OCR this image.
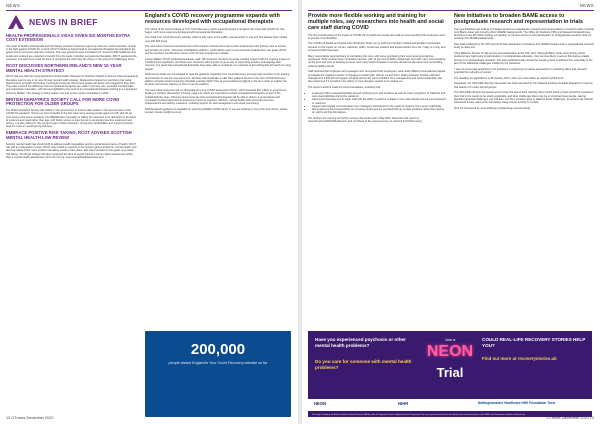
NEWS
NEWS IN BRIEF
HEALTH PROFESSIONALS VISAS GIVEN SIX MONTHS EXTRA COST EXTENSION

The visas of health professionals and their family members have been given an extra six-month extension to help in the fight against COVID-19. In April, RCOT's lobbying helped lead to occupational therapists be included in the government's auto-visa extension scheme. This new extension lasts until March 31. Around 6,000 healthcare and social care workers are expected to benefit from the news, including occupational therapists. RCOT welcomed the extension, but said more could be done to recognise the work they are doing on the ground in challenging times.

RCOT DISCUSSES NORTHERN IRELAND'S NEW 10-YEAR MENTAL HEALTH STRATEGY

RCOT has met with the newly-appointed mental health champion for Northern Ireland to discuss what occupational therapists want to see in its new 10-year mental health strategy. Discussions focused on prioritising the social determinants of health and finding meaningful outcomes that ensure people are active and engaged in their lives. They also covered the difference that occupational therapists can make in primary care, perinatal mental health and mainstream education, with the last highlighting the work of an occupational therapist working in a mainstream school in Belfast. The strategy is being written now and is due out for consultation in 2021.

BRITISH GERIATRICS SOCIETY CALL FOR MORE COVID PROTECTION FOR OLDER GROUPS

The British Geriatrics Society has called on the government to protect older people in the second wave of the COVID-19 pandemic. Ninety per cent of deaths in the first wave were among people aged over 65, with 40 per cent among care home residents. The #BGSProtect campaign is calling for resources to be allocated on the basis of evidence and need rather than age, with better access to care homes to personal protective equipment and testing. It is also calling for the prompt restart of falls prevention, community rehabilitation and support services. Find out more at: www.bgs.org.uk/frame

EMBRACE POSITIVE RISK TAKING, RCOT ADVISES SCOTTISH MENTAL HEALTH LAW REVIEW

Scottish mental health law should shift to address health inequalities and the social determinants of health. RCOT has told an independent review. RCOT was invited to respond to the human rights priorities for mental health, and also has advised that more positive risk-taking needs to take place, and has promoted its own guide on positive risk-taking. The Royal College has also supported the idea of people having a human rights assessment rather than a mental health assessment. Find out more at: www.mentalhealthlawreview.scot

England's COVID recovery programme expands with resources developed with occupational therapists

The rollout of the second phase of Your Covid Recovery, which supports people in England who have had COVID-19, has begun, with more resources developed with occupational therapists.

The initial Your Covid Recovery website, which is fully open to the public, was launched in July and has already been visited over 200,000 times.

The new online resources launched last month requires referral and a face-to-face assessment with primary care to access, and provide an online, interactive rehabilitation platform, which allows users to set and work towards their own goals. RCOT and its members contributed to some of the 10 new programme modules.

Lauren Walker, RCOT professional adviser, said: 'We know the numbers of people needing support with the ongoing impact of COVID-19 are significant, and these new resources offer a good, to-go-to way of supporting people's self-manage their recovery. It is great that occupational therapists have been able to contribute our expertise to something that will reach so many people.'

NHS service leads are encouraged to read the guidance regarding Your Covid Recovery and sign their services up for training and induction to use the new resources. Services that would like to offer their patients access to the Your COVID Recovery platform should contact University Hospitals Leicester NHS Trust at yourcovidrecovery@uhl-tr.nhs.uk in order to register the services and access training on how to use the platform.

The new online resources will run alongside the Long COVID assessment clinics, which received £10 million in government funding in October (November OTnews, page 13), which are expected to include occupational therapists as part of the multidisciplinary team. Planning documents say that occupational therapists will be able to deliver 'a personalised and occupation-focused approach to assessment such as cognition, delirium, mental health and functional outcomes, independence and activity measures, including support for self-management and social prescribing'.

NHS England's guidance is available at: www.bit.ly/NHSE-COVID-clinics. If you are working in one of the new clinics, please contact: stories.rcot@rcot.co.uk

200,000
people visited England's Your Covid Recovery website so far
12 OTnews December 2020
NEWS
Provide more flexible working and training for multiple roles, say researchers into health and social care staff during COVID

The first overall review of the impact of COVID-19 on health and social care staff is recommending that employers need to provide more flexibility.

The COVID-19 Health and Social Care Workforce Study run by staff from Northern Ireland and England universities, focused on the impact on nurses, midwives, AHPs, social care workers and social workers from the 7 May to 3 July, and surveyed 3,200 responses.

Many respondents reported fears of contracting the virus, with some purchasing their own personal protective equipment. Work routines have increased pressure, with 11 per cent of AHPs redeployed, and with many more weighing up the pros and cons of working at home. And many faced increases in service demand at the same time as handling reduced staffing levels.

Staff reported that employers and managers who recognised their employees' work under difficult circumstances helped to mitigate the negative impacts of changes to working life, with an 'us and them' feeling between frontline staff and management if that did not happen. Regular and timely communication from management and senior leadership was also welcomed if it provided more clarity on how changes needed to be carried out.

The report's authors made 10 recommendations, including that:

• employers offer increased flexibility around working hours and locations as well as more recognition of childcare and care responsibilities during the pandemic
• training and development to equip staff with the ability to perform multiple or new roles should now be commissioned or rolled out
• frequent and regular communication from managers and listened to the needs of workers, from senior individuals
• that employers hold responsibility for ensuring employees are provided with up-to-date guidance rather than relying on staff to do that themselves.

The authors are carrying out further surveys this winter and in May 2021. Read the final report at: www.bit.ly/CovidHSCWfinalreport, and contribute to the second survey at: www.bit.ly/COVID-survey

New initiatives to broaden BAME access to postgraduate research and representation in trials

Two new initiatives are looking to broaden access to postgraduate research and representation in research trials of people from Black, Asian and minority ethnic (BAME) backgrounds. The Office for Students (OfS) and Research England have launched a new £8 million funding competition to improve access to and participation in postgraduate research study for students from BAME backgrounds.

New data published by the OfS has found that participation of students from BAME backgrounds in postgraduate research study remains low.

Chris Millward, director for fair access and participation at the OfS, said: 'Although Black, Asian and minority ethnic students have high levels of participation in undergraduate education, they are less likely to secure first degree grades and go on to postgraduate research. The data published today shows the pressing need to address this, especially in the face of the additional challenges created by the pandemic.

'I want to encourage applicants to be ambitious in proposing innovative approaches to unlocking talent and research potential from all parts of society.'

The deadline for applications is 28 January 2021, with more information at: www.bit.ly/OfS-fund.

Separately, the INCLUDE ethnicity framework has been launched by the National Institute of Health Research to improve trial delivery for under-served groups.

The INCLUDE ethnicity framework aims to help trial teams think carefully about which ethnic groups should be included in their trial for its results to be widely applicable, and what challenges there may be to involving these people. Having identified potential challenges, the trial team can then consider ways to address those challenges. Its authors say that the framework is best used at the trial design stage, before funding is in place.

Find the framework at: www.trialforge.org/trial-forge-centre/include

Have you experienced psychosis or other mental health problems?
Do you care for someone with mental health problems?
Join a
NEON
Trial
COULD REAL-LIFE RECOVERY STORIES HELP YOU?
Find out more at recoverystories.uk
NEON	NIHR	Nottinghamshire Healthcare NHS Foundation Trust
This study is funded by the National Institute for Health Research (NIHR) under its Programme Grants for Applied Research Programme. The views expressed are those of the author(s) and not necessarily those of the NIHR or the Department of Health and Social Care.
OTnews December 2020 13
